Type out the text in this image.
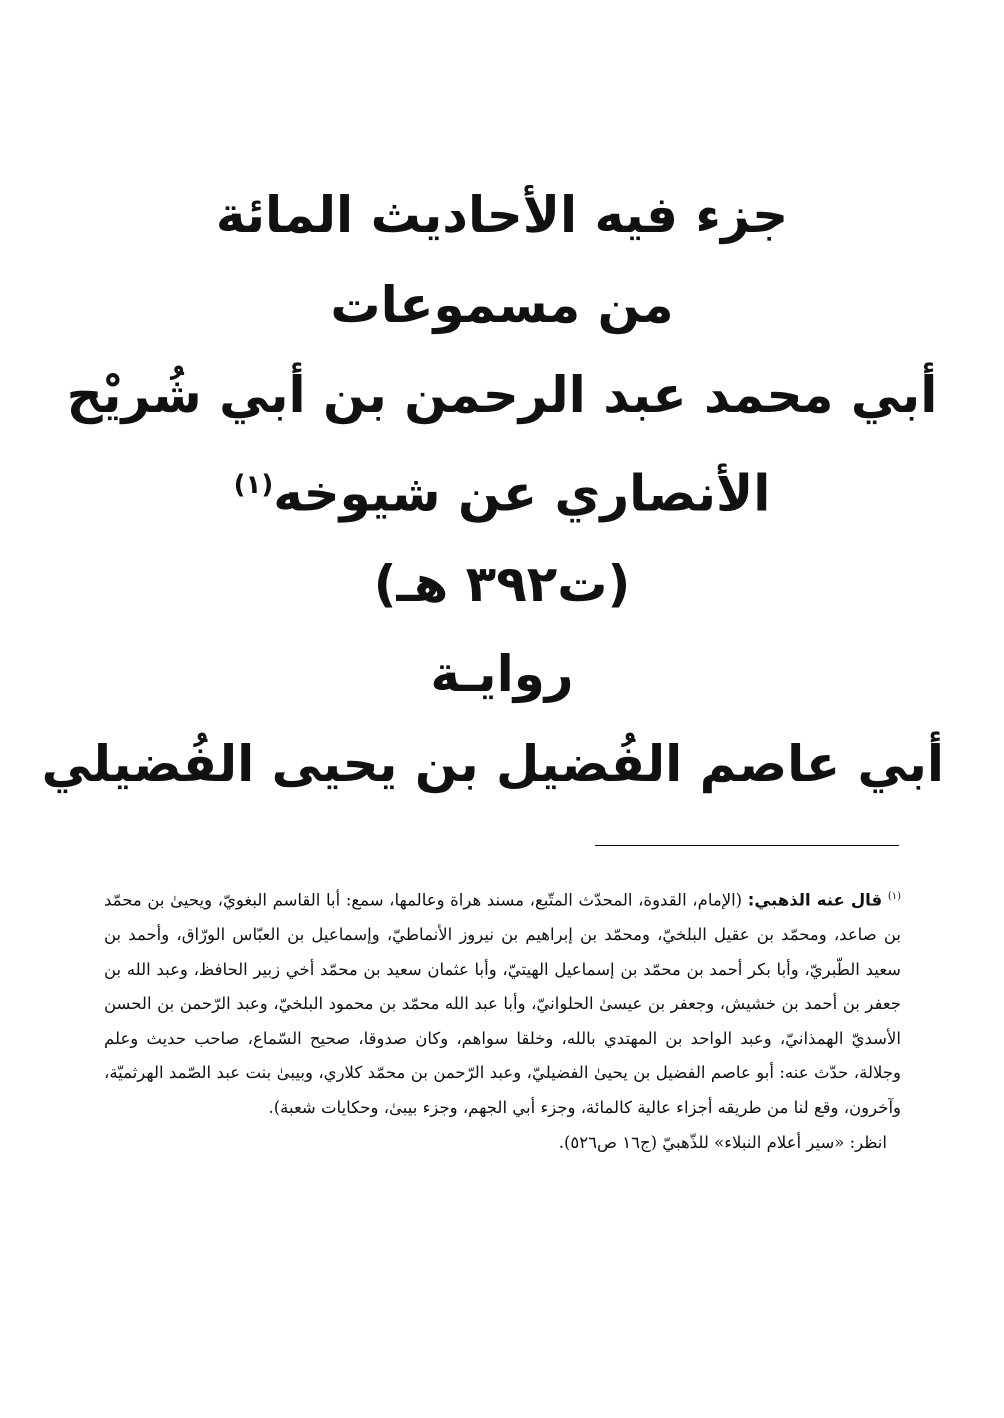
جزء فيه الأحاديث المائة
من مسموعات
أبي محمد عبد الرحمن بن أبي شُريْح
الأنصاري عن شيوخه$^{(١)}$
(ت٣٩٢ هـ)
روايـة
أبي عاصم الفُضيل بن يحيى الفُضيلي
$^{(١)}$ قال عنه الذهبي: (الإمام، القدوة، المحدّث المتّبع، مسند هراة وعالمها، سمع: أبا القاسم البغويّ، ويحيىٰ بن محمّد بن صاعد، ومحمّد بن عقيل البلخيّ، ومحمّد بن إبراهيم بن نيروز الأنماطيّ، وإسماعيل بن العبّاس الورّاق، وأحمد بن سعيد الطّبريّ، وأبا بكر أحمد بن محمّد بن إسماعيل الهيتيّ، وأبا عثمان سعيد بن محمّد أخي زبير الحافظ، وعبد الله بن جعفر بن أحمد بن خشيش، وجعفر بن عيسىٰ الحلوانيّ، وأبا عبد الله محمّد بن محمود البلخيّ، وعبد الرّحمن بن الحسن الأسديّ الهمذانيّ، وعبد الواحد بن المهتدي بالله، وخلقا سواهم، وكان صدوقا، صحيح السّماع، صاحب حديث وعلم وجلالة، حدّث عنه: أبو عاصم الفضيل بن يحيىٰ الفضيليّ، وعبد الرّحمن بن محمّد كلاري، وبيبىٰ بنت عبد الصّمد الهرثميّة، وآخرون، وقع لنا من طريقه أجزاء عالية كالمائة، وجزء أبي الجهم، وجزء بيبىٰ، وحكايات شعبة).
انظر: «سير أعلام النبلاء» للذّهبيّ (ج١٦ ص٥٢٦).
